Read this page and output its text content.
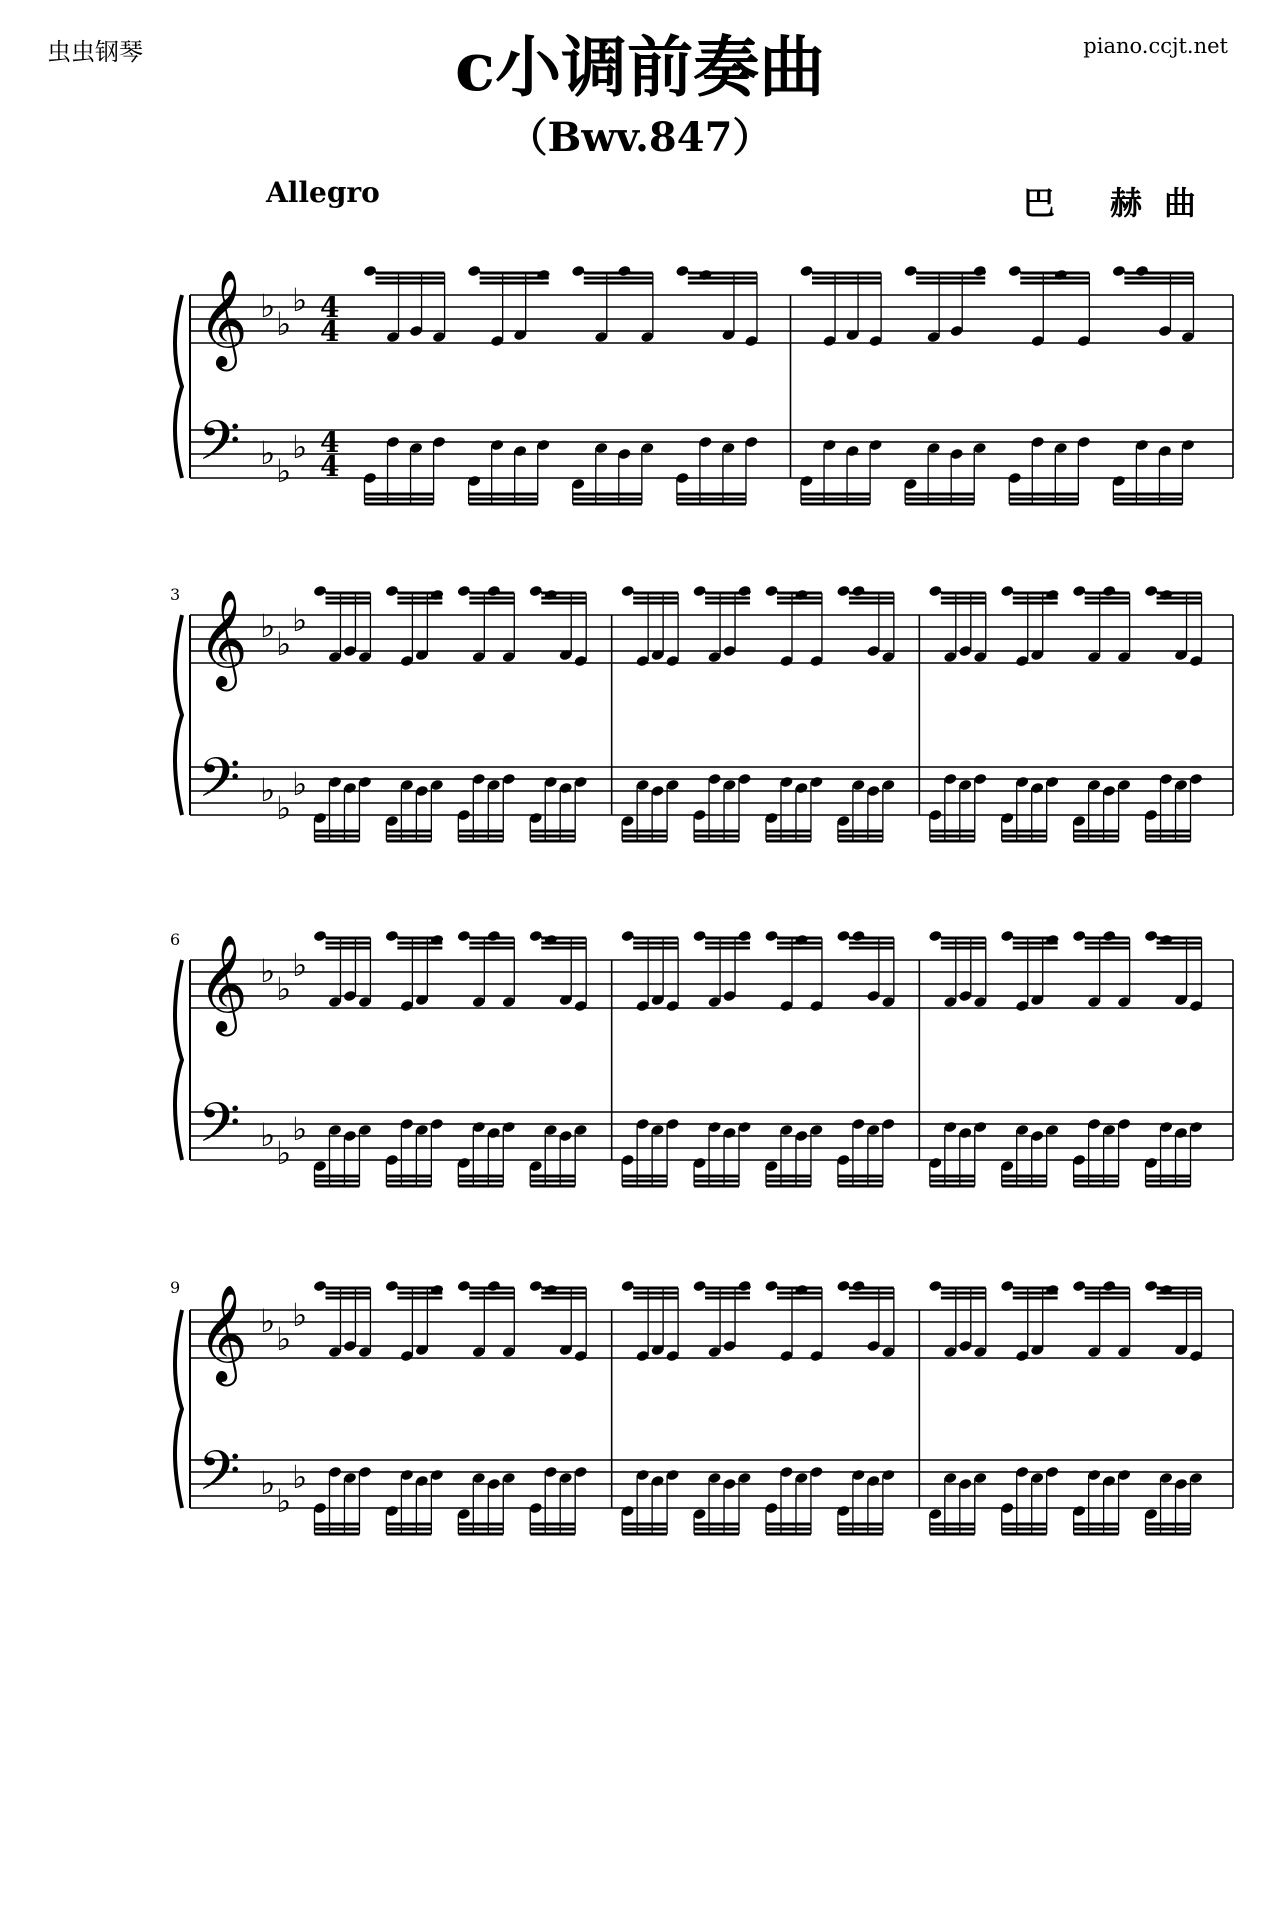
虫虫钢琴	piano.ccjt.net
c小调前奏曲
（Bwv.847）
Allegro	巴 赫曲
𝄞 ♭ ♭
♭ 4
4
𝄢 ♭ ♭
♭ 4
4
𝄞 ♭ ♭
♭
𝄢 ♭ ♭
♭
3
𝄞 ♭ ♭
♭
𝄢 ♭ ♭
♭
6
𝄞 ♭ ♭
♭
𝄢 ♭ ♭
♭
9
